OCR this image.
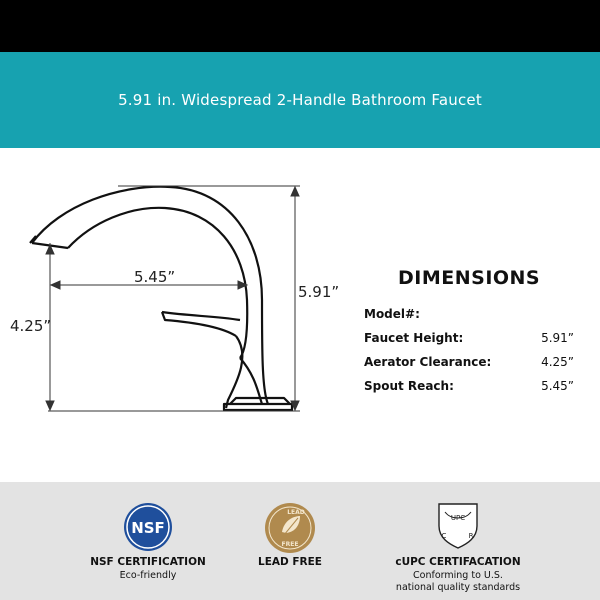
5.91 in. Widespread 2-Handle Bathroom Faucet
5.45”
5.91”
4.25”
DIMENSIONS
Model#:
Faucet Height:	5.91”
Aerator Clearance:	4.25”
Spout Reach:	5.45”
NSF
NSF CERTIFICATION
Eco-friendly
LEAD
FREE
LEAD FREE
UPC
C	R
cUPC CERTIFACATION
Conforming to U.S.
national quality standards
